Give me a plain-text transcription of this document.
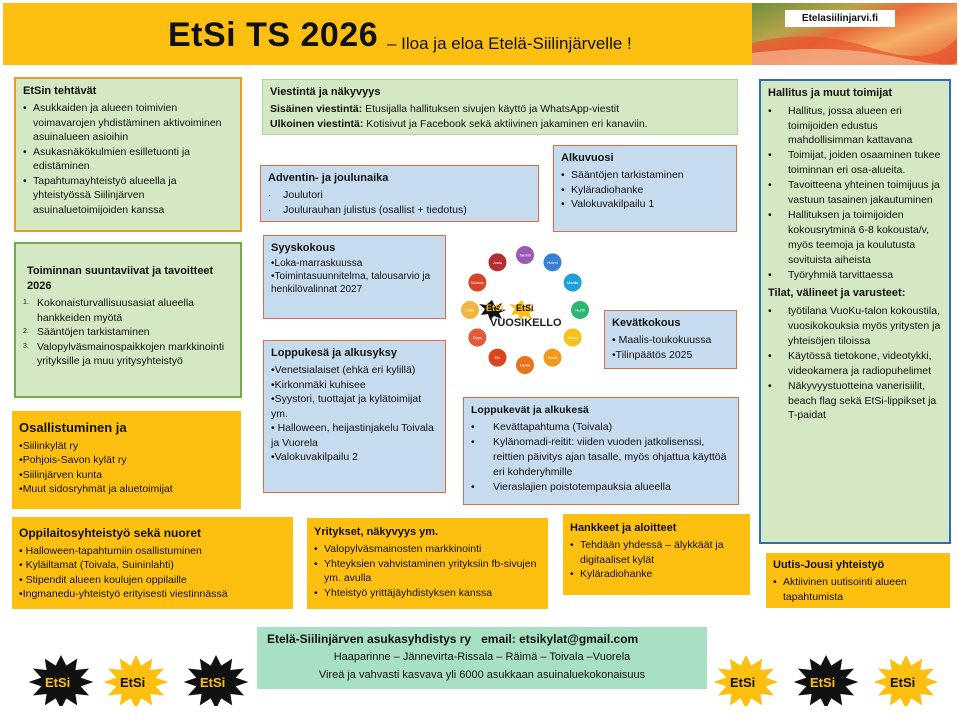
EtSi TS 2026 – Iloa ja eloa Etelä-Siilinjärvelle !
Etelasiilinjarvi.fi
EtSin tehtävät
• Asukkaiden ja alueen toimivien voimavarojen yhdistäminen aktivoiminen asuinalueen asioihin
• Asukasnäkökulmien esilletuonti ja edistäminen
• Tapahtumayhteistyö alueella ja yhteistyössä Siilinjärven asuinaluetoimijoiden kanssa
Toiminnan suuntaviivat ja tavoitteet 2026
1. Kokonaisturvallisuusasiat alueella hankkeiden myötä
2. Sääntöjen tarkistaminen
3. Valopylväsmainospaikkojen markkinointi yrityksille ja muu yritysyhteistyö
Osallistuminen ja
•Siilinkylät ry
•Pohjois-Savon kylät ry
•Siilinjärven kunta
•Muut sidosryhmät ja aluetoimijat
Oppilaitosyhteistyö sekä nuoret
• Halloween-tapahtumiin osallistuminen
• Kyläiltamat (Toivala, Suininlahti)
• Stipendit alueen koulujen oppilaille
•Ingmanedu-yhteistyö erityisesti viestinnässä
Viestintä ja näkyvyys
Sisäinen viestintä: Etusijalla hallituksen sivujen käyttö ja WhatsApp-viestit
Ulkoinen viestintä: Kotisivut ja Facebook sekä aktiivinen jakaminen eri kanaviin.
Adventin- ja joulunaika
·    Joulutori
·    Joulurauhan julistus (osallist + tiedotus)
Alkuvuosi
• Sääntöjen tarkistaminen
• Kyläradiohanke
• Valokuvakilpailu 1
Syyskokous
•Loka-marraskuussa
•Toimintasuunnitelma, talousarvio ja henkilövalinnat 2027
Loppukesä ja alkusyksy
•Venetsialaiset (ehkä eri kylillä)
•Kirkonmäki kuhisee
•Syystori, tuottajat ja kylätoimijat ym.
• Halloween, heijastinjakelu Toivala ja Vuorela
•Valokuvakilpailu 2
Tammi
Helmi
Maalis
Huhti
Touko
Kesä
Heinä
Elo
Syys
Loka
Marras
Joulu
EtSi EtSi
VUOSIKELLO	Kevätkokous
• Maalis-toukokuussa
•Tilinpäätös 2025
Loppukevät ja alkukesä
• Kevättapahtuma (Toivala)
• Kylänomadi-reitit: viiden vuoden jatkolisenssi, reittien päivitys ajan tasalle, myös ohjattua käyttöä eri kohderyhmille
• Vieraslajien poistotempauksia alueella
Yritykset, näkyvyys ym.
• Valopylväsmainosten markkinointi
• Yhteyksien vahvistaminen yrityksiin fb-sivujen ym. avulla
• Yhteistyö yrittäjäyhdistyksen kanssa
Hankkeet ja aloitteet
• Tehdään yhdessä – älykkäät ja digitaaliset kylät
• Kyläradiohanke
Hallitus ja muut toimijat
• Hallitus, jossa alueen eri toimijoiden edustus mahdollisimman kattavana
• Toimijat, joiden osaaminen tukee toiminnan eri osa-alueita.
• Tavoitteena yhteinen toimijuus ja vastuun tasainen jakautuminen
• Hallituksen ja toimijoiden kokousrytminä 6-8 kokousta/v, myös teemoja ja koulutusta sovituista aiheista
• Työryhmiä tarvittaessa
Tilat, välineet ja varusteet:
• työtilana VuoKu-talon kokoustila, vuosikokouksia myös yritysten ja yhteisöjen tiloissa
• Käytössä tietokone, videotykki, videokamera ja radiopuhelimet
• Näkyvyystuotteina vanerisiilit, beach flag sekä EtSi-lippikset ja T-paidat
Uutis-Jousi yhteistyö
• Aktiivinen uutisointi alueen tapahtumista
Etelä-Siilinjärven asukasyhdistys ry   email: etsikylat@gmail.com
Haaparinne – Jännevirta-Rissala – Räimä – Toivala –Vuorela
Vireä ja vahvasti kasvava yli 6000 asukkaan asuinaluekokonaisuus
EtSi	EtSi	EtSi	EtSi	EtSi	EtSi
